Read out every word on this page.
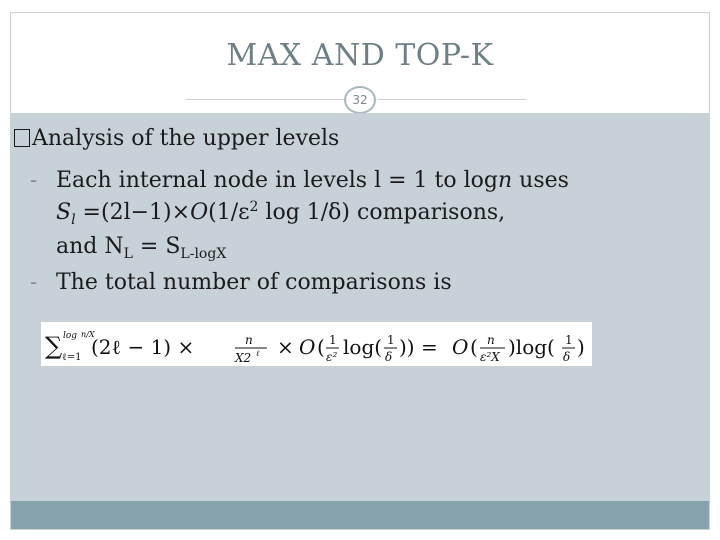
MAX AND TOP-K
32
Analysis of the upper levels
- Each internal node in levels l = 1 to logn uses
$S_l =(2l-1)\times O(1/\varepsilon^2$ log 1/δ) comparisons,
and $N_L = S_{L-logX}$
- The total number of comparisons is
∑ log n/X
ℓ=1 (2ℓ − 1) ×	n
X2 ℓ × O ( 1
ε² log( 1
δ )) = O ( n
ε²X )log( 1
δ )
